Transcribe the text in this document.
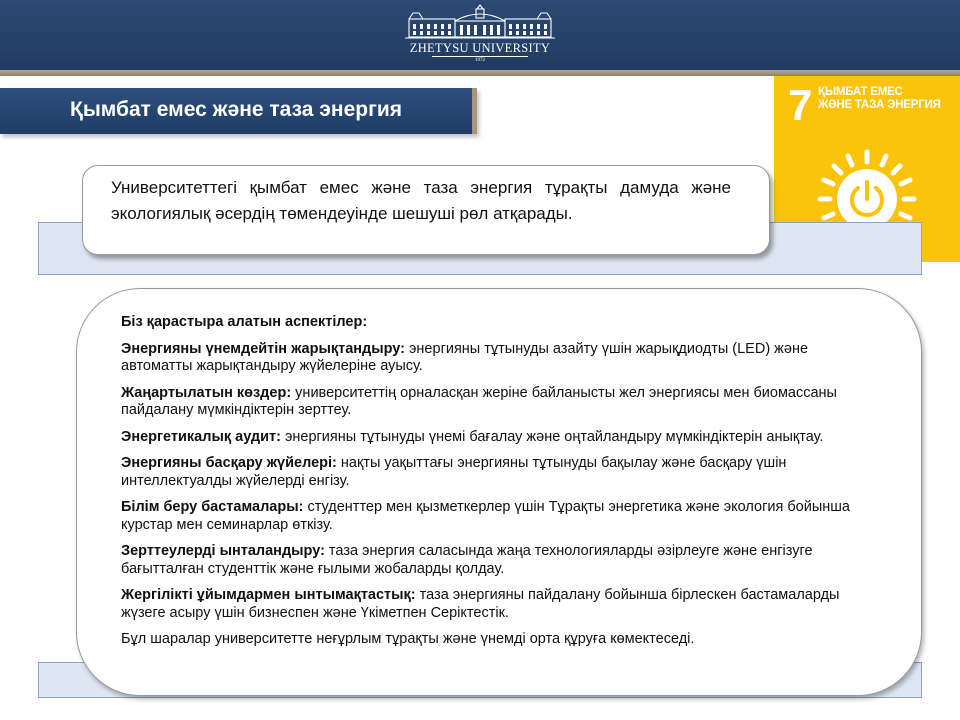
ZHETYSU UNIVERSITY
1972
Қымбат емес және таза энергия	7 ҚЫМБАТ ЕМЕС
ЖӘНЕ ТАЗА ЭНЕРГИЯ
Университеттегі қымбат емес және таза энергия тұрақты дамуда және экологиялық әсердің төмендеуінде шешуші рөл атқарады.
Біз қарастыра алатын аспектілер:
Энергияны үнемдейтін жарықтандыру: энергияны тұтынуды азайту үшін жарықдиодты (LED) және автоматты жарықтандыру жүйелеріне ауысу.
Жаңартылатын көздер: университеттің орналасқан жеріне байланысты жел энергиясы мен биомассаны пайдалану мүмкіндіктерін зерттеу.
Энергетикалық аудит: энергияны тұтынуды үнемі бағалау және оңтайландыру мүмкіндіктерін анықтау.
Энергияны басқару жүйелері: нақты уақыттағы энергияны тұтынуды бақылау және басқару үшін интеллектуалды жүйелерді енгізу.
Білім беру бастамалары: студенттер мен қызметкерлер үшін Тұрақты энергетика және экология бойынша курстар мен семинарлар өткізу.
Зерттеулерді ынталандыру: таза энергия саласында жаңа технологияларды әзірлеуге және енгізуге бағытталған студенттік және ғылыми жобаларды қолдау.
Жергілікті ұйымдармен ынтымақтастық: таза энергияны пайдалану бойынша бірлескен бастамаларды жүзеге асыру үшін бизнеспен және Үкіметпен Серіктестік.
Бұл шаралар университетте неғұрлым тұрақты және үнемді орта құруға көмектеседі.
